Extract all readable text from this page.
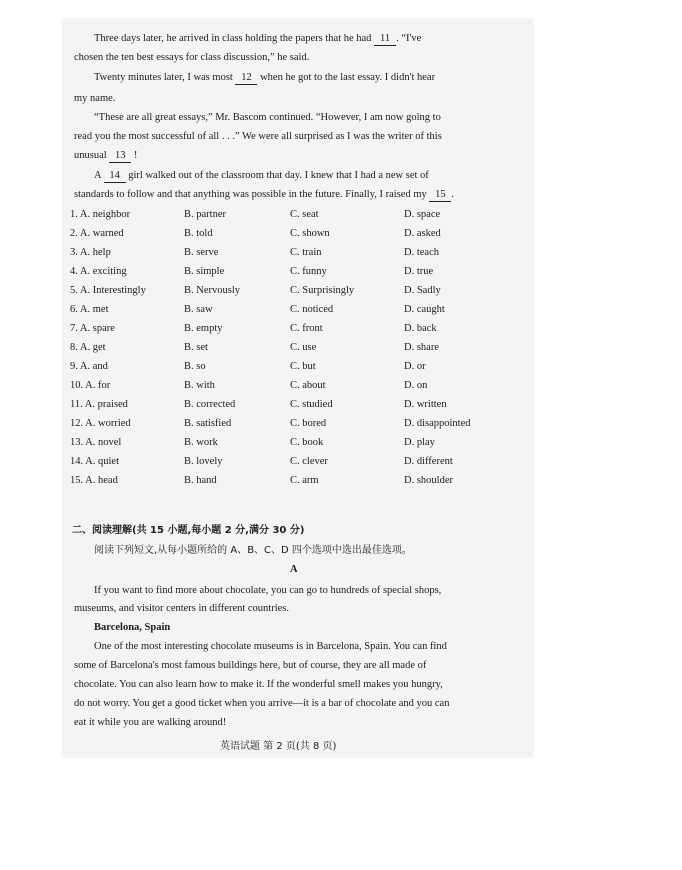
Three days later, he arrived in class holding the papers that he had 11 . “I've
chosen the ten best essays for class discussion,” he said.
Twenty minutes later, I was most 12 when he got to the last essay. I didn't hear
my name.
“These are all great essays,” Mr. Bascom continued. “However, I am now going to
read you the most successful of all . . .” We were all surprised as I was the writer of this
unusual 13 !
A 14 girl walked out of the classroom that day. I knew that I had a new set of
standards to follow and that anything was possible in the future. Finally, I raised my 15 .
1. A. neighbor	B. partner	C. seat	D. space
2. A. warned	B. told	C. shown	D. asked
3. A. help	B. serve	C. train	D. teach
4. A. exciting	B. simple	C. funny	D. true
5. A. Interestingly	B. Nervously	C. Surprisingly	D. Sadly
6. A. met	B. saw	C. noticed	D. caught
7. A. spare	B. empty	C. front	D. back
8. A. get	B. set	C. use	D. share
9. A. and	B. so	C. but	D. or
10. A. for	B. with	C. about	D. on
11. A. praised	B. corrected	C. studied	D. written
12. A. worried	B. satisfied	C. bored	D. disappointed
13. A. novel	B. work	C. book	D. play
14. A. quiet	B. lovely	C. clever	D. different
15. A. head	B. hand	C. arm	D. shoulder
二、阅读理解(共 15 小题,每小题 2 分,满分 30 分)
阅读下列短文,从每小题所给的 A、B、C、D 四个选项中选出最佳选项。
A
If you want to find more about chocolate, you can go to hundreds of special shops,
museums, and visitor centers in different countries.
Barcelona, Spain
One of the most interesting chocolate museums is in Barcelona, Spain. You can find
some of Barcelona's most famous buildings here, but of course, they are all made of
chocolate. You can also learn how to make it. If the wonderful smell makes you hungry,
do not worry. You get a good ticket when you arrive—it is a bar of chocolate and you can
eat it while you are walking around!
英语试题 第 2 页(共 8 页)
